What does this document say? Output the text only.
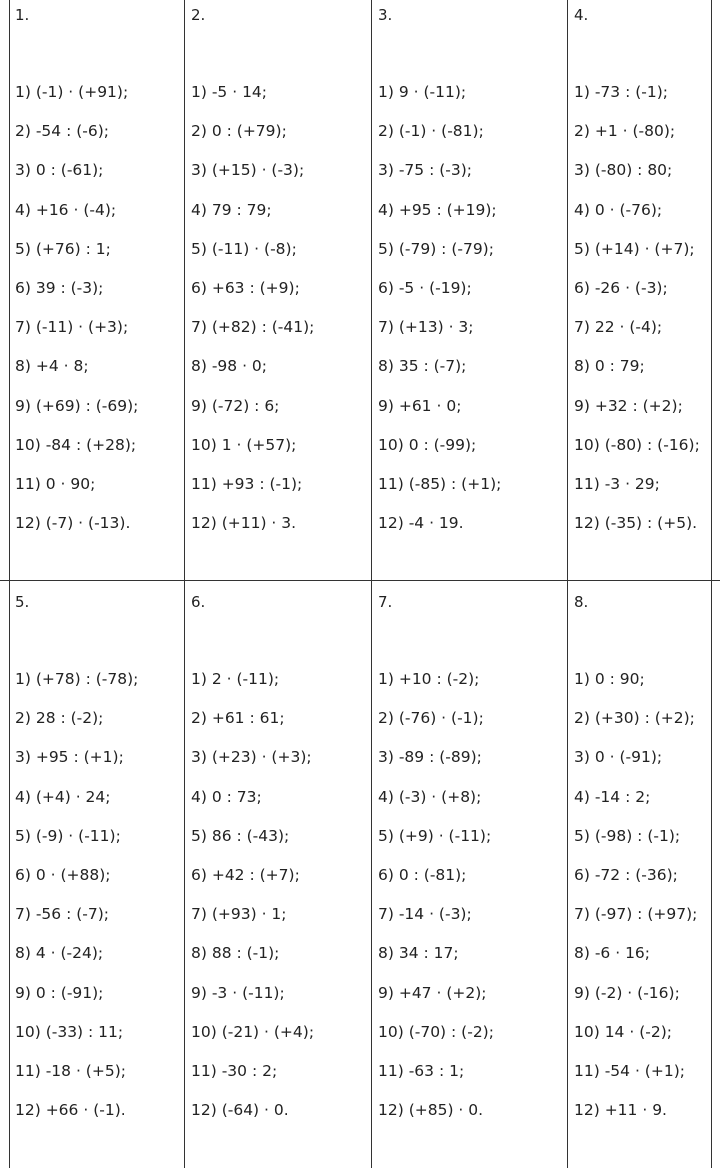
1.
1) (-1) · (+91);
2) -54 : (-6);
3) 0 : (-61);
4) +16 · (-4);
5) (+76) : 1;
6) 39 : (-3);
7) (-11) · (+3);
8) +4 · 8;
9) (+69) : (-69);
10) -84 : (+28);
11) 0 · 90;
12) (-7) · (-13).
2.
1) -5 · 14;
2) 0 : (+79);
3) (+15) · (-3);
4) 79 : 79;
5) (-11) · (-8);
6) +63 : (+9);
7) (+82) : (-41);
8) -98 · 0;
9) (-72) : 6;
10) 1 · (+57);
11) +93 : (-1);
12) (+11) · 3.
3.
1) 9 · (-11);
2) (-1) · (-81);
3) -75 : (-3);
4) +95 : (+19);
5) (-79) : (-79);
6) -5 · (-19);
7) (+13) · 3;
8) 35 : (-7);
9) +61 · 0;
10) 0 : (-99);
11) (-85) : (+1);
12) -4 · 19.
4.
1) -73 : (-1);
2) +1 · (-80);
3) (-80) : 80;
4) 0 · (-76);
5) (+14) · (+7);
6) -26 · (-3);
7) 22 · (-4);
8) 0 : 79;
9) +32 : (+2);
10) (-80) : (-16);
11) -3 · 29;
12) (-35) : (+5).
5.
1) (+78) : (-78);
2) 28 : (-2);
3) +95 : (+1);
4) (+4) · 24;
5) (-9) · (-11);
6) 0 · (+88);
7) -56 : (-7);
8) 4 · (-24);
9) 0 : (-91);
10) (-33) : 11;
11) -18 · (+5);
12) +66 · (-1).
6.
1) 2 · (-11);
2) +61 : 61;
3) (+23) · (+3);
4) 0 : 73;
5) 86 : (-43);
6) +42 : (+7);
7) (+93) · 1;
8) 88 : (-1);
9) -3 · (-11);
10) (-21) · (+4);
11) -30 : 2;
12) (-64) · 0.
7.
1) +10 : (-2);
2) (-76) · (-1);
3) -89 : (-89);
4) (-3) · (+8);
5) (+9) · (-11);
6) 0 : (-81);
7) -14 · (-3);
8) 34 : 17;
9) +47 · (+2);
10) (-70) : (-2);
11) -63 : 1;
12) (+85) · 0.
8.
1) 0 : 90;
2) (+30) : (+2);
3) 0 · (-91);
4) -14 : 2;
5) (-98) : (-1);
6) -72 : (-36);
7) (-97) : (+97);
8) -6 · 16;
9) (-2) · (-16);
10) 14 · (-2);
11) -54 · (+1);
12) +11 · 9.
